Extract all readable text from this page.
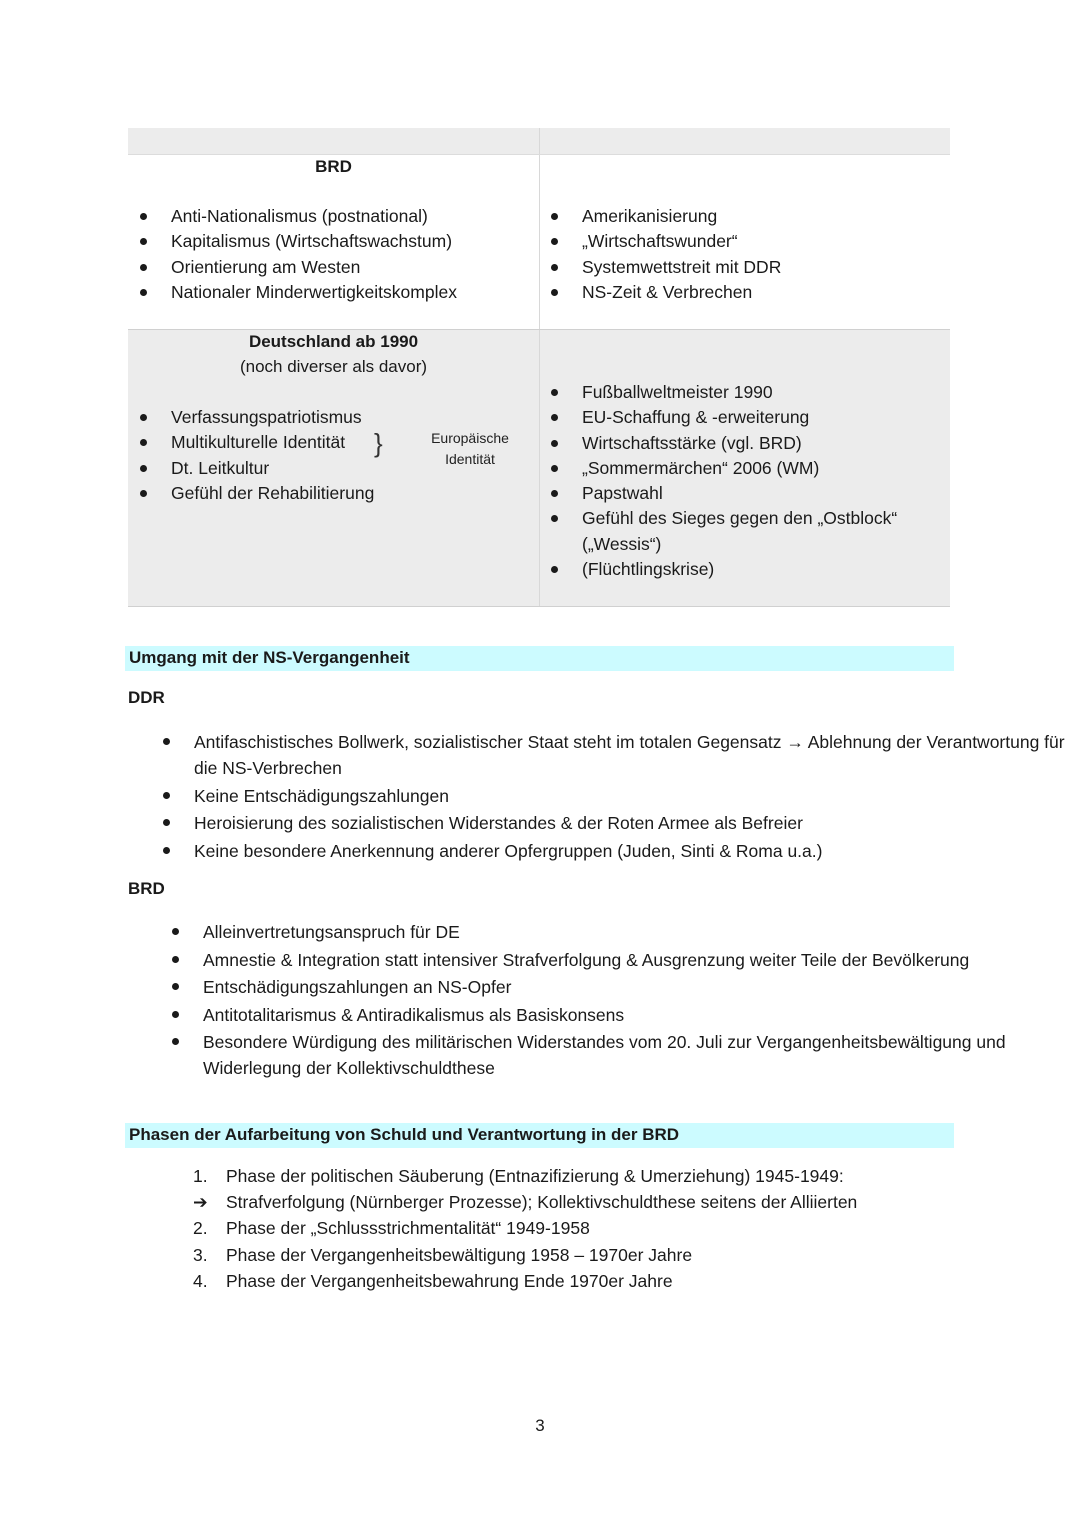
BRD
Anti-Nationalismus (postnational)
Kapitalismus (Wirtschaftswachstum)
Orientierung am Westen
Nationaler Minderwertigkeitskomplex
Amerikanisierung
„Wirtschaftswunder“
Systemwettstreit mit DDR
NS-Zeit & Verbrechen
Deutschland ab 1990
(noch diverser als davor)
Verfassungspatriotismus
Multikulturelle Identität
Dt. Leitkultur
Gefühl der Rehabilitierung
}	Europäische
Identität
Fußballweltmeister 1990
EU-Schaffung & -erweiterung
Wirtschaftsstärke (vgl. BRD)
„Sommermärchen“ 2006 (WM)
Papstwahl
Gefühl des Sieges gegen den „Ostblock“
(„Wessis“)
(Flüchtlingskrise)
Umgang mit der NS-Vergangenheit
DDR
Antifaschistisches Bollwerk, sozialistischer Staat steht im totalen Gegensatz → Ablehnung der Verantwortung für die NS-Verbrechen
Keine Entschädigungszahlungen
Heroisierung des sozialistischen Widerstandes & der Roten Armee als Befreier
Keine besondere Anerkennung anderer Opfergruppen (Juden, Sinti & Roma u.a.)
BRD
Alleinvertretungsanspruch für DE
Amnestie & Integration statt intensiver Strafverfolgung & Ausgrenzung weiter Teile der Bevölkerung
Entschädigungszahlungen an NS-Opfer
Antitotalitarismus & Antiradikalismus als Basiskonsens
Besondere Würdigung des militärischen Widerstandes vom 20. Juli zur Vergangenheitsbewältigung und Widerlegung der Kollektivschuldthese
Phasen der Aufarbeitung von Schuld und Verantwortung in der BRD
1. Phase der politischen Säuberung (Entnazifizierung & Umerziehung) 1945-1949:
➔ Strafverfolgung (Nürnberger Prozesse); Kollektivschuldthese seitens der Alliierten
2. Phase der „Schlussstrichmentalität“ 1949-1958
3. Phase der Vergangenheitsbewältigung 1958 – 1970er Jahre
4. Phase der Vergangenheitsbewahrung Ende 1970er Jahre
3
